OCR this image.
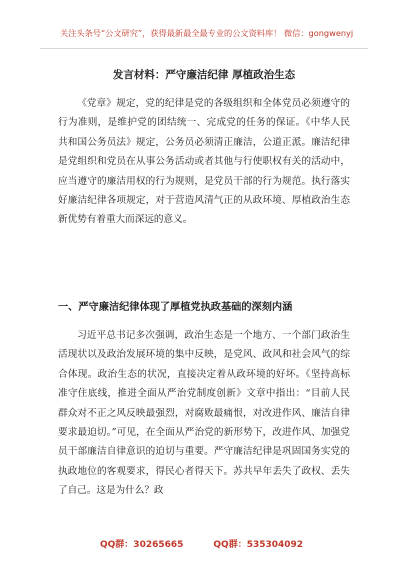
关注头条号“公文研究”，获得最新最全最专业的公文资料库！ 微信：gongwenyj
发言材料：严守廉洁纪律 厚植政治生态

《党章》规定，党的纪律是党的各级组织和全体党员必须遵守的行为准则，是维护党的团结统一、完成党的任务的保证。《中华人民共和国公务员法》规定，公务员必须清正廉洁，公道正派。廉洁纪律是党组织和党员在从事公务活动或者其他与行使职权有关的活动中，应当遵守的廉洁用权的行为规则，是党员干部的行为规范。执行落实好廉洁纪律各项规定，对于营造风清气正的从政环境、厚植政治生态新优势有着重大而深远的意义。

一、严守廉洁纪律体现了厚植党执政基础的深刻内涵

习近平总书记多次强调，政治生态是一个地方、一个部门政治生活现状以及政治发展环境的集中反映，是党风、政风和社会风气的综合体现。政治生态的状况，直接决定着从政环境的好坏。《坚持高标准守住底线，推进全面从严治党制度创新》文章中指出：“目前人民群众对不正之风反映最强烈，对腐败最痛恨，对改进作风、廉洁自律要求最迫切。”可见，在全面从严治党的新形势下，改进作风、加强党员干部廉洁自律意识的迫切与重要。严守廉洁纪律是巩固国务实党的执政地位的客观要求，得民心者得天下。苏共早年丢失了政权、丢失了自己。这是为什么？政

QQ群：30265665	QQ群：535304092
